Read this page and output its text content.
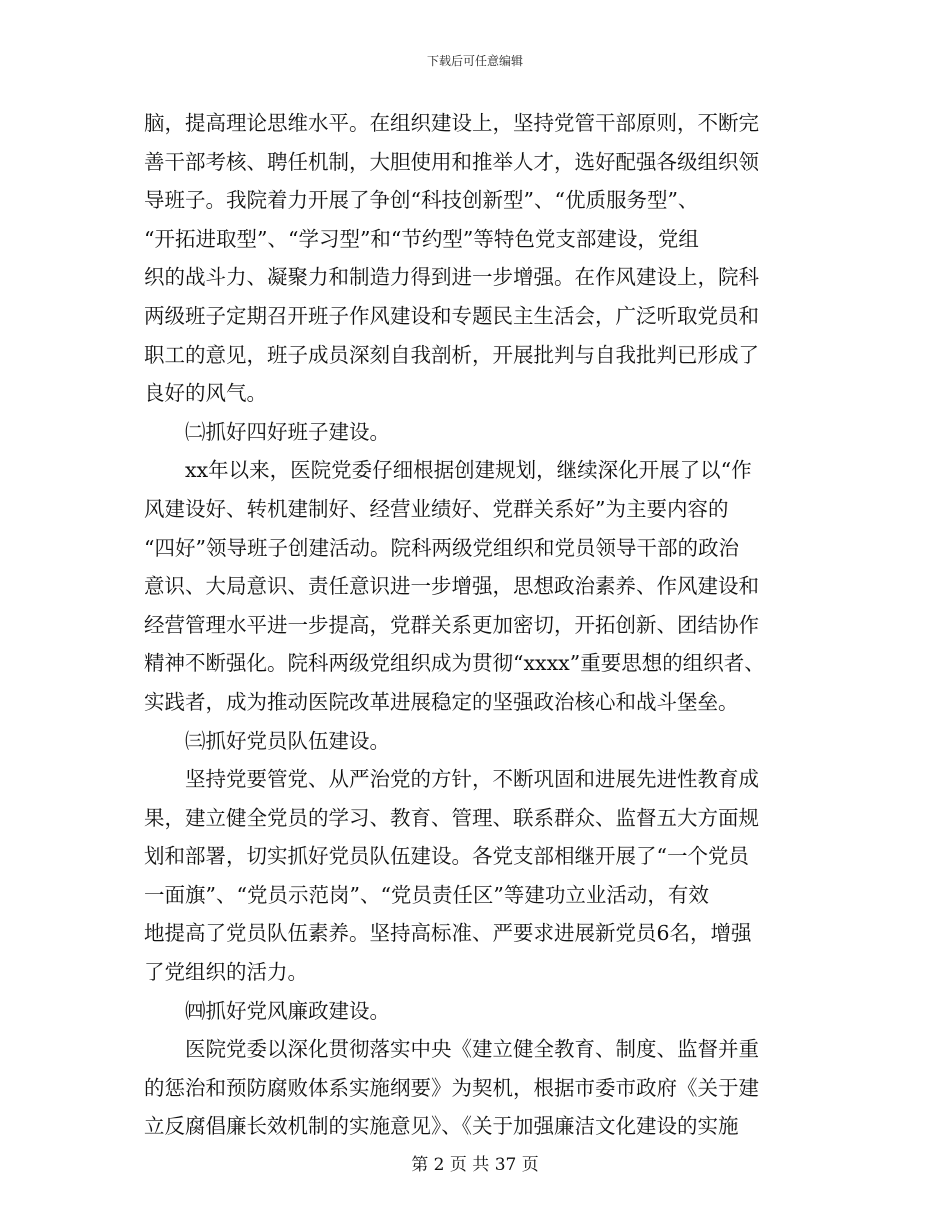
下载后可任意编辑
脑，提高理论思维水平。在组织建设上，坚持党管干部原则，不断完
善干部考核、聘任机制，大胆使用和推举人才，选好配强各级组织领
导班子。我院着力开展了争创“科技创新型”、“优质服务型”、
“开拓进取型”、“学习型”和“节约型”等特色党支部建设，党组
织的战斗力、凝聚力和制造力得到进一步增强。在作风建设上，院科
两级班子定期召开班子作风建设和专题民主生活会，广泛听取党员和
职工的意见，班子成员深刻自我剖析，开展批判与自我批判已形成了
良好的风气。
㈡抓好四好班子建设。
xx年以来，医院党委仔细根据创建规划，继续深化开展了以“作
风建设好、转机建制好、经营业绩好、党群关系好”为主要内容的
“四好”领导班子创建活动。院科两级党组织和党员领导干部的政治
意识、大局意识、责任意识进一步增强，思想政治素养、作风建设和
经营管理水平进一步提高，党群关系更加密切，开拓创新、团结协作
精神不断强化。院科两级党组织成为贯彻“xxxx”重要思想的组织者、
实践者，成为推动医院改革进展稳定的坚强政治核心和战斗堡垒。
㈢抓好党员队伍建设。
坚持党要管党、从严治党的方针，不断巩固和进展先进性教育成
果，建立健全党员的学习、教育、管理、联系群众、监督五大方面规
划和部署，切实抓好党员队伍建设。各党支部相继开展了“一个党员
一面旗”、“党员示范岗”、“党员责任区”等建功立业活动，有效
地提高了党员队伍素养。坚持高标准、严要求进展新党员6名，增强
了党组织的活力。
㈣抓好党风廉政建设。
医院党委以深化贯彻落实中央《建立健全教育、制度、监督并重
的惩治和预防腐败体系实施纲要》为契机，根据市委市政府《关于建
立反腐倡廉长效机制的实施意见》、《关于加强廉洁文化建设的实施
第 2 页 共 37 页
